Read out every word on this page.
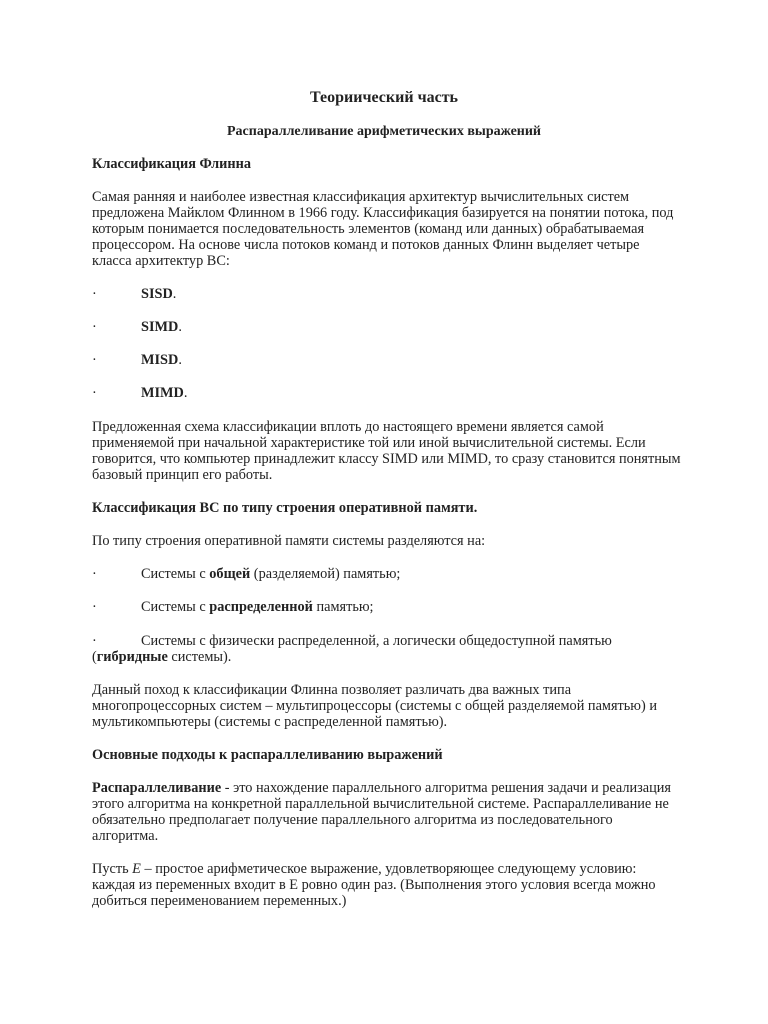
Теориический часть

Распараллеливание арифметических выражений

Классификация Флинна

Самая ранняя и наиболее известная классификация архитектур вычислительных систем предложена Майклом Флинном в 1966 году. Классификация базируется на понятии потока, под которым понимается последовательность элементов (команд или данных) обрабатываемая процессором. На основе числа потоков команд и потоков данных Флинн выделяет четыре класса архитектур ВС:

·	SISD.
·	SIMD.
·	MISD.
·	MIMD.

Предложенная схема классификации вплоть до настоящего времени является самой применяемой при начальной характеристике той или иной вычислительной системы. Если говорится, что компьютер принадлежит классу SIMD или MIMD, то сразу становится понятным базовый принцип его работы.

Классификация ВС по типу строения оперативной памяти.

По типу строения оперативной памяти системы разделяются на:

·	Системы с общей (разделяемой) памятью;
·	Системы с распределенной памятью;
·	Системы с физически распределенной, а логически общедоступной памятью (гибридные системы).

Данный поход к классификации Флинна позволяет различать два важных типа многопроцессорных систем – мультипроцессоры (системы с общей разделяемой памятью) и мультикомпьютеры (системы с распределенной памятью).

Основные подходы к распараллеливанию выражений

Распараллеливание - это нахождение параллельного алгоритма решения задачи и реализация этого алгоритма на конкретной параллельной вычислительной системе. Распараллеливание не обязательно предполагает получение параллельного алгоритма из последовательного алгоритма.

Пусть E – простое арифметическое выражение, удовлетворяющее следующему условию: каждая из переменных входит в E ровно один раз. (Выполнения этого условия всегда можно добиться переименованием переменных.)
